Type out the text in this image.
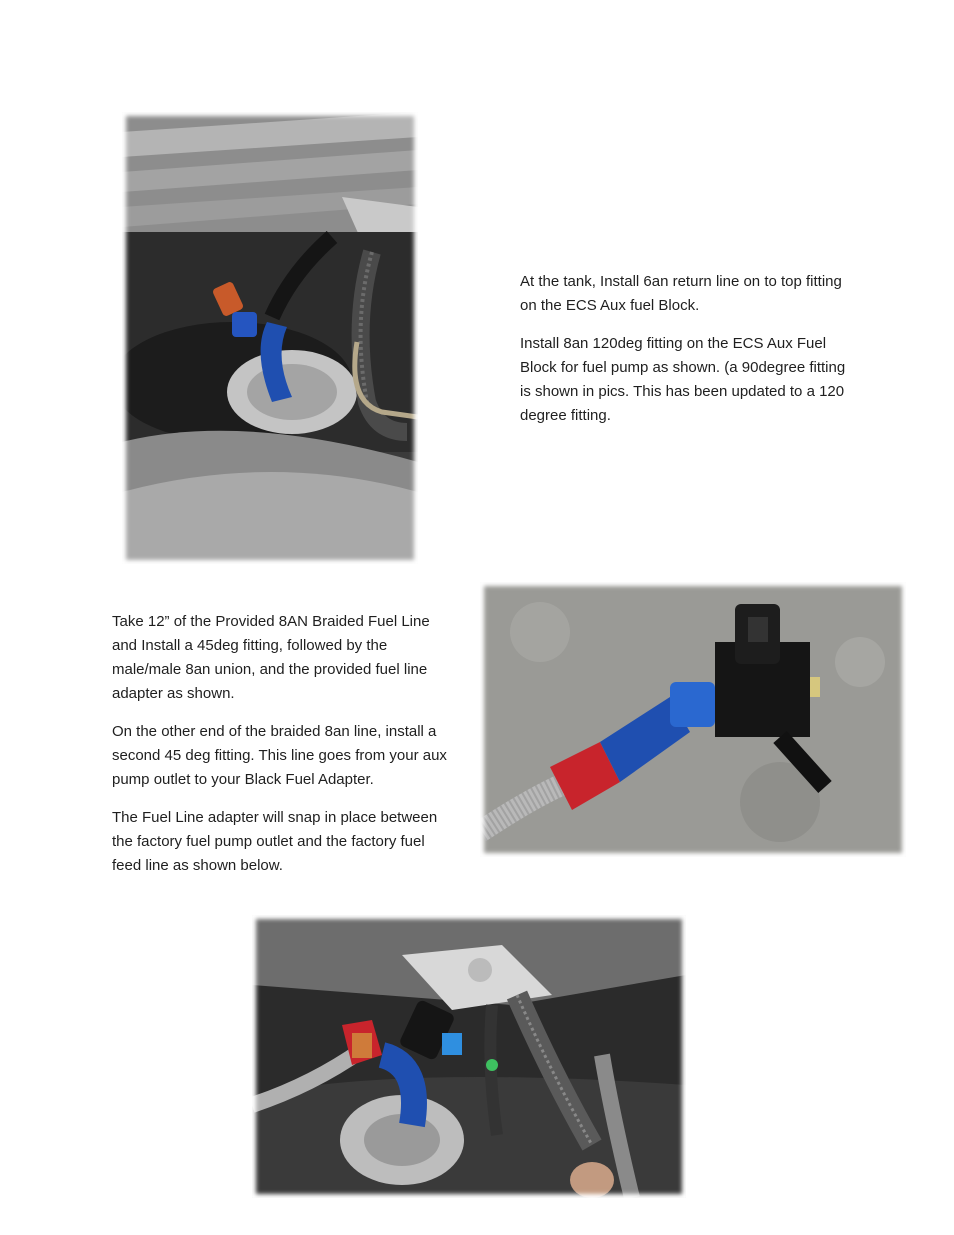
At the tank, Install 6an return line on to top fitting on the ECS Aux fuel Block.

Install 8an 120deg fitting on the ECS Aux Fuel Block for fuel pump as shown. (a 90degree fitting is shown in pics. This has been updated to a 120 degree fitting.

Take 12” of the Provided 8AN Braided Fuel Line and Install a 45deg fitting, followed by the male/male 8an union, and the provided fuel line adapter as shown.

On the other end of the braided 8an line, install a second 45 deg fitting. This line goes from your aux pump outlet to your Black Fuel Adapter.

The Fuel Line adapter will snap in place between the factory fuel pump outlet and the factory fuel feed line as shown below.
